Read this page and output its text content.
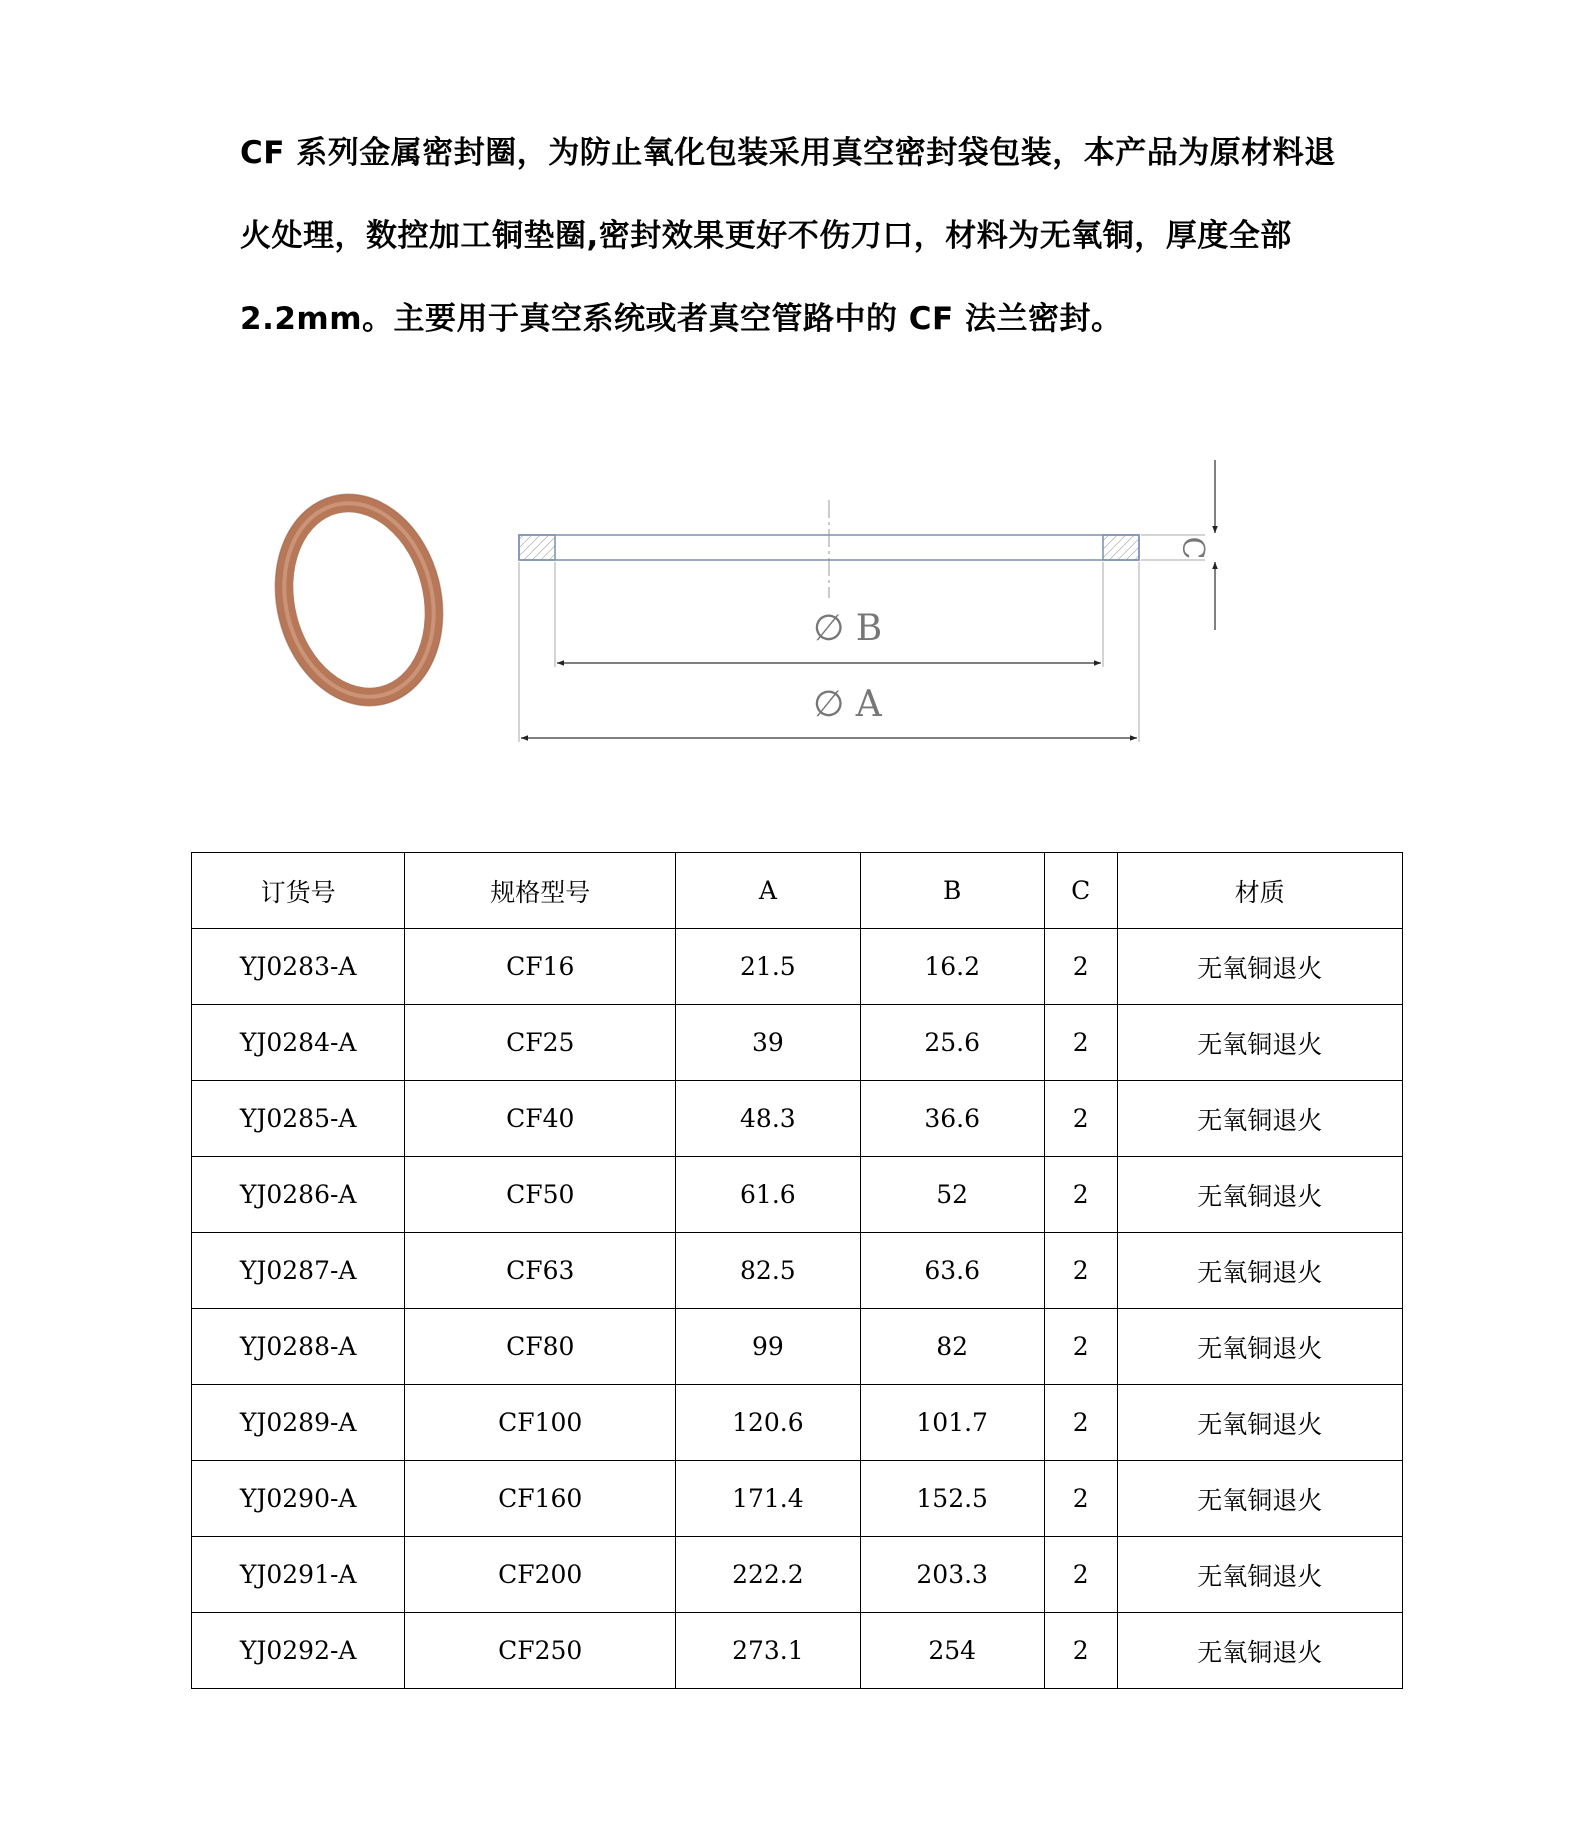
CF 系列金属密封圈，为防止氧化包装采用真空密封袋包装，本产品为原材料退

火处理，数控加工铜垫圈,密封效果更好不伤刀口，材料为无氧铜，厚度全部

2.2mm。主要用于真空系统或者真空管路中的 CF 法兰密封。

∅ B
∅ A
C
订货号	规格型号	A	B	C	材质
YJ0283-A	CF16	21.5	16.2	2	无氧铜退火
YJ0284-A	CF25	39	25.6	2	无氧铜退火
YJ0285-A	CF40	48.3	36.6	2	无氧铜退火
YJ0286-A	CF50	61.6	52	2	无氧铜退火
YJ0287-A	CF63	82.5	63.6	2	无氧铜退火
YJ0288-A	CF80	99	82	2	无氧铜退火
YJ0289-A	CF100	120.6	101.7	2	无氧铜退火
YJ0290-A	CF160	171.4	152.5	2	无氧铜退火
YJ0291-A	CF200	222.2	203.3	2	无氧铜退火
YJ0292-A	CF250	273.1	254	2	无氧铜退火
